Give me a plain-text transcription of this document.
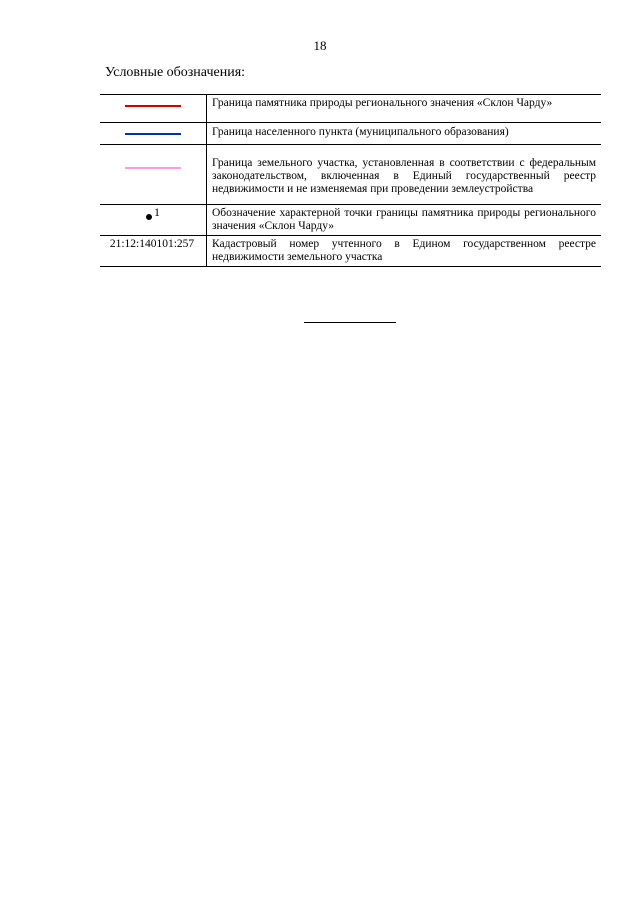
18
Условные обозначения:
	Граница памятника природы регионального значения «Склон Чарду»

	Граница населенного пункта (муниципального образования)

	Граница земельного участка, установленная в соответствии с федеральным законодательством, включенная в Единый государственный реестр недвижимости и не изменяемая при проведении землеустройства

1	Обозначение характерной точки границы памятника природы регионального значения «Склон Чарду»
21:12:140101:257	Кадастровый номер учтенного в Едином государственном реестре недвижимости земельного участка
